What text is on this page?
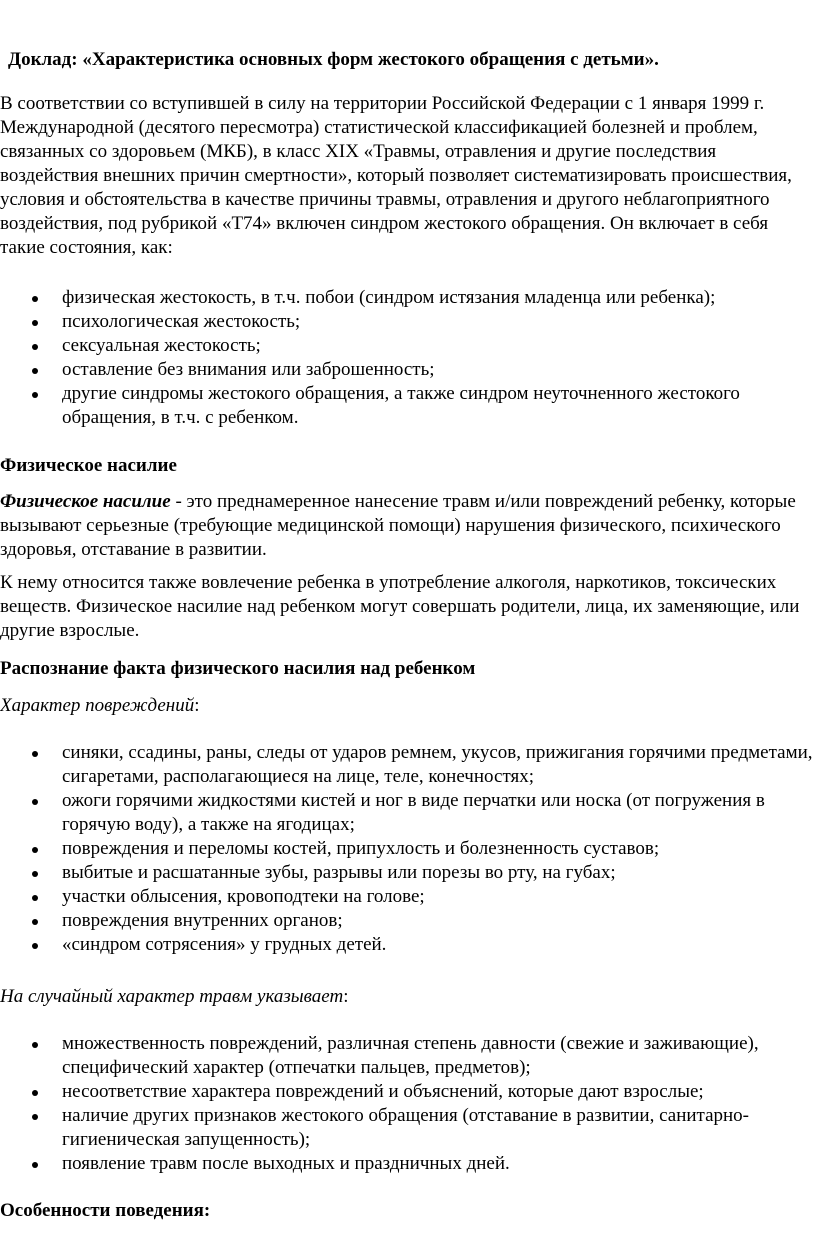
Доклад: «Характеристика основных форм жестокого обращения с детьми».

В соответствии со вступившей в силу на территории Российской Федерации с 1 января 1999 г. Международной (десятого пересмотра) статистической классификацией болезней и проблем, связанных со здоровьем (МКБ), в класс XIX «Травмы, отравления и другие последствия воздействия внешних причин смертности», который позволяет систематизировать происшествия, условия и обстоятельства в качестве причины травмы, отравления и другого неблагоприятного воздействия, под рубрикой «Т74» включен синдром жестокого обращения. Он включает в себя такие состояния, как:

физическая жестокость, в т.ч. побои (синдром истязания младенца или ребенка);
психологическая жестокость;
сексуальная жестокость;
оставление без внимания или заброшенность;
другие синдромы жестокого обращения, а также синдром неуточненного жестокого обращения, в т.ч. с ребенком.

Физическое насилие

Физическое насилие - это преднамеренное нанесение травм и/или повреждений ребенку, которые вызывают серьезные (требующие медицинской помощи) нарушения физического, психического здоровья, отставание в развитии.

К нему относится также вовлечение ребенка в употребление алкоголя, наркотиков, токсических веществ. Физическое насилие над ребенком могут совершать родители, лица, их заменяющие, или другие взрослые.

Распознание факта физического насилия над ребенком

Характер повреждений:

синяки, ссадины, раны, следы от ударов ремнем, укусов, прижигания горячими предметами, сигаретами, располагающиеся на лице, теле, конечностях;
ожоги горячими жидкостями кистей и ног в виде перчатки или носка (от погружения в горячую воду), а также на ягодицах;
повреждения и переломы костей, припухлость и болезненность суставов;
выбитые и расшатанные зубы, разрывы или порезы во рту, на губах;
участки облысения, кровоподтеки на голове;
повреждения внутренних органов;
«синдром сотрясения» у грудных детей.

На случайный характер травм указывает:

множественность повреждений, различная степень давности (свежие и заживающие), специфический характер (отпечатки пальцев, предметов);
несоответствие характера повреждений и объяснений, которые дают взрослые;
наличие других признаков жестокого обращения (отставание в развитии, санитарно-гигиеническая запущенность);
появление травм после выходных и праздничных дней.

Особенности поведения:
